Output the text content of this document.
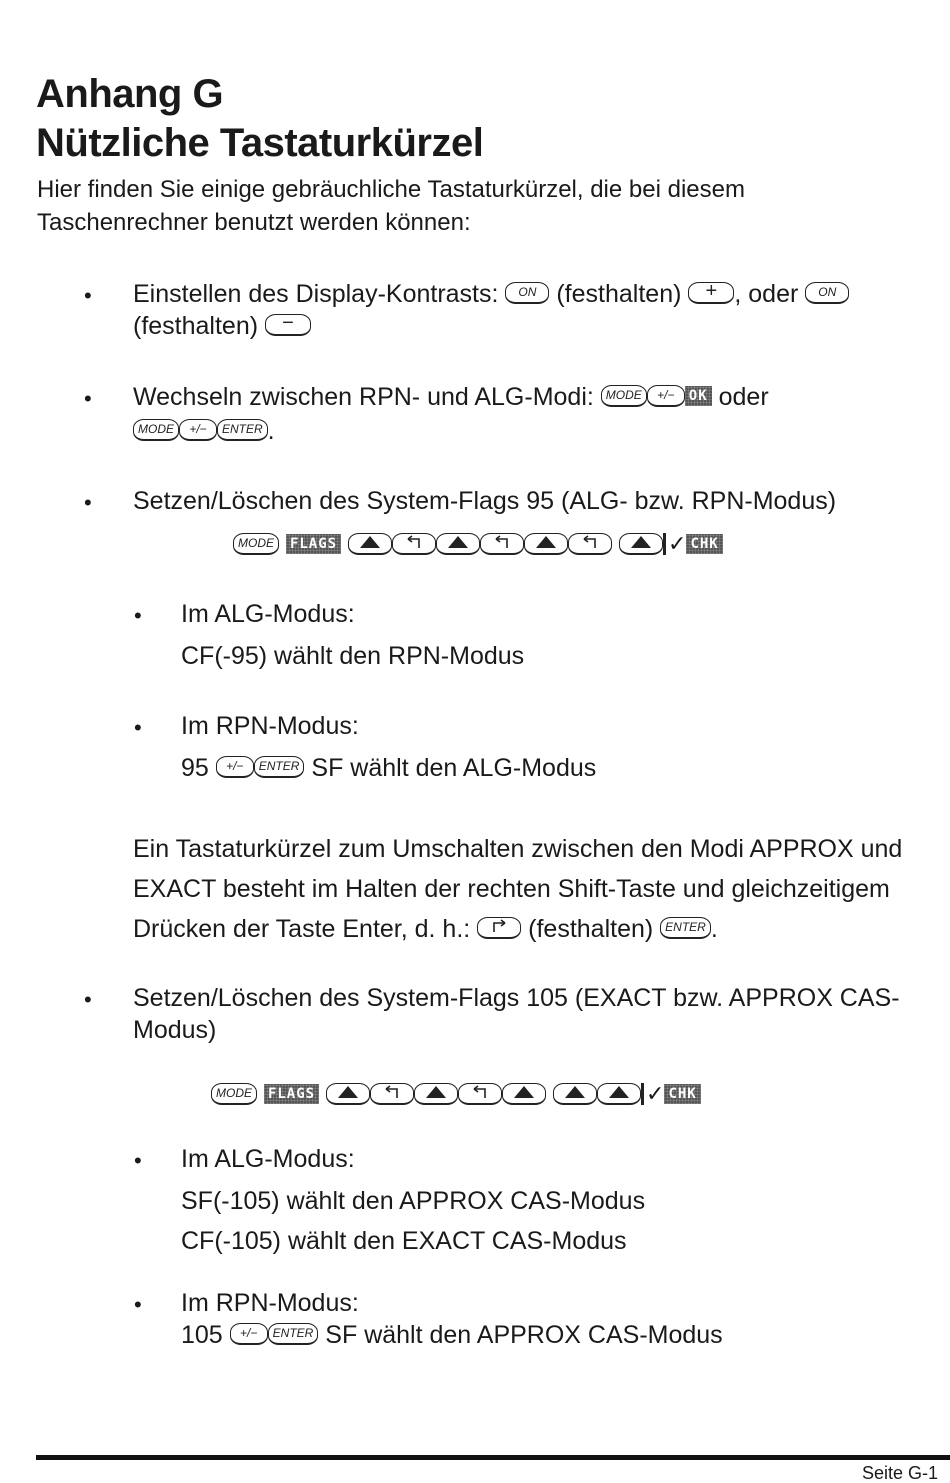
Anhang G
Nützliche Tastaturkürzel
Hier finden Sie einige gebräuchliche Tastaturkürzel, die bei diesem Taschenrechner benutzt werden können:
• Einstellen des Display-Kontrasts: ON (festhalten) + , oder ON
(festhalten) −
• Wechseln zwischen RPN- und ALG-Modi: MODE +/− OK oder
MODE +/− ENTER .
• Setzen/Löschen des System-Flags 95 (ALG- bzw. RPN-Modus)
MODE FLAGS
	✓ CHK
• Im ALG-Modus:
CF(-95) wählt den RPN-Modus
• Im RPN-Modus:
95 +/− ENTER SF wählt den ALG-Modus
Ein Tastaturkürzel zum Umschalten zwischen den Modi APPROX und
EXACT besteht im Halten der rechten Shift-Taste und gleichzeitigem
Drücken der Taste Enter, d. h.: (festhalten) ENTER .
• Setzen/Löschen des System-Flags 105 (EXACT bzw. APPROX CAS-
Modus)
MODE FLAGS
	✓ CHK
• Im ALG-Modus:
SF(-105) wählt den APPROX CAS-Modus
CF(-105) wählt den EXACT CAS-Modus
• Im RPN-Modus:
105 +/− ENTER SF wählt den APPROX CAS-Modus
Seite G-1
